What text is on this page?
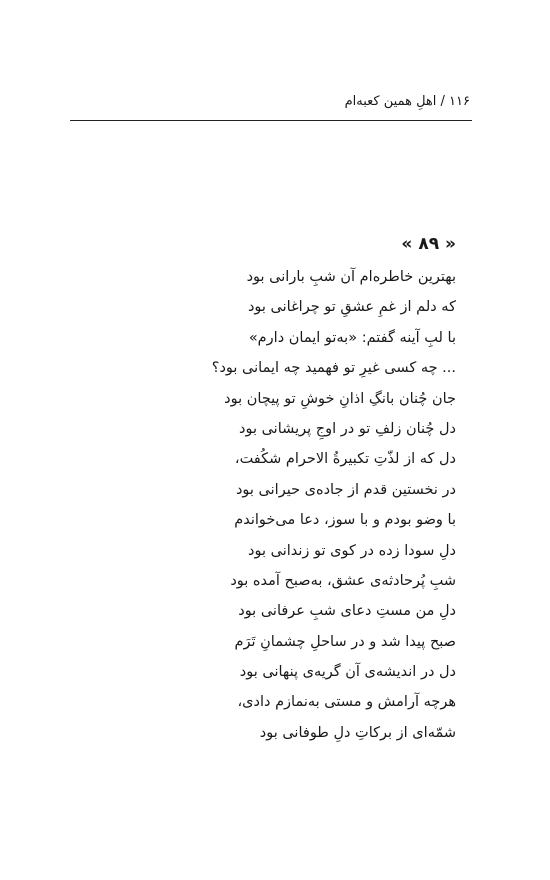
۱۱۶ / اهلِ همین کعبه‌ام
« ۸۹ »
بهترین خاطره‌ام آن شبِ بارانی بود
که دلم از غمِ عشقِ تو چراغانی بود
با لبِ آینه گفتم: «به‌تو ایمان دارم»
... چه کسی غیرِ تو فهمید چه ایمانی بود؟
جان چُنان بانگِ اذانِ خوشِ تو پیچان بود
دل چُنان زلفِ تو در اوجِ پریشانی بود
دل که از لذّتِ تکبیرةُ الاحرام شکُفت،
در نخستین قدم از جاده‌ی حیرانی بود
با وضو بودم و با سوز، دعا می‌خواندم
دلِ سودا زده در کوی تو زندانی بود
شبِ پُرحادثه‌ی عشق، به‌صبح آمده بود
دلِ من مستِ دعای شبِ عرفانی بود
صبح پیدا شد و در ساحلِ چشمانِ تَرَم
دل در اندیشه‌ی آن گریه‌ی پنهانی بود
هرچه آرامش و مستی به‌نمازم دادی،
شمّه‌ای از برکاتِ دلِ طوفانی بود
